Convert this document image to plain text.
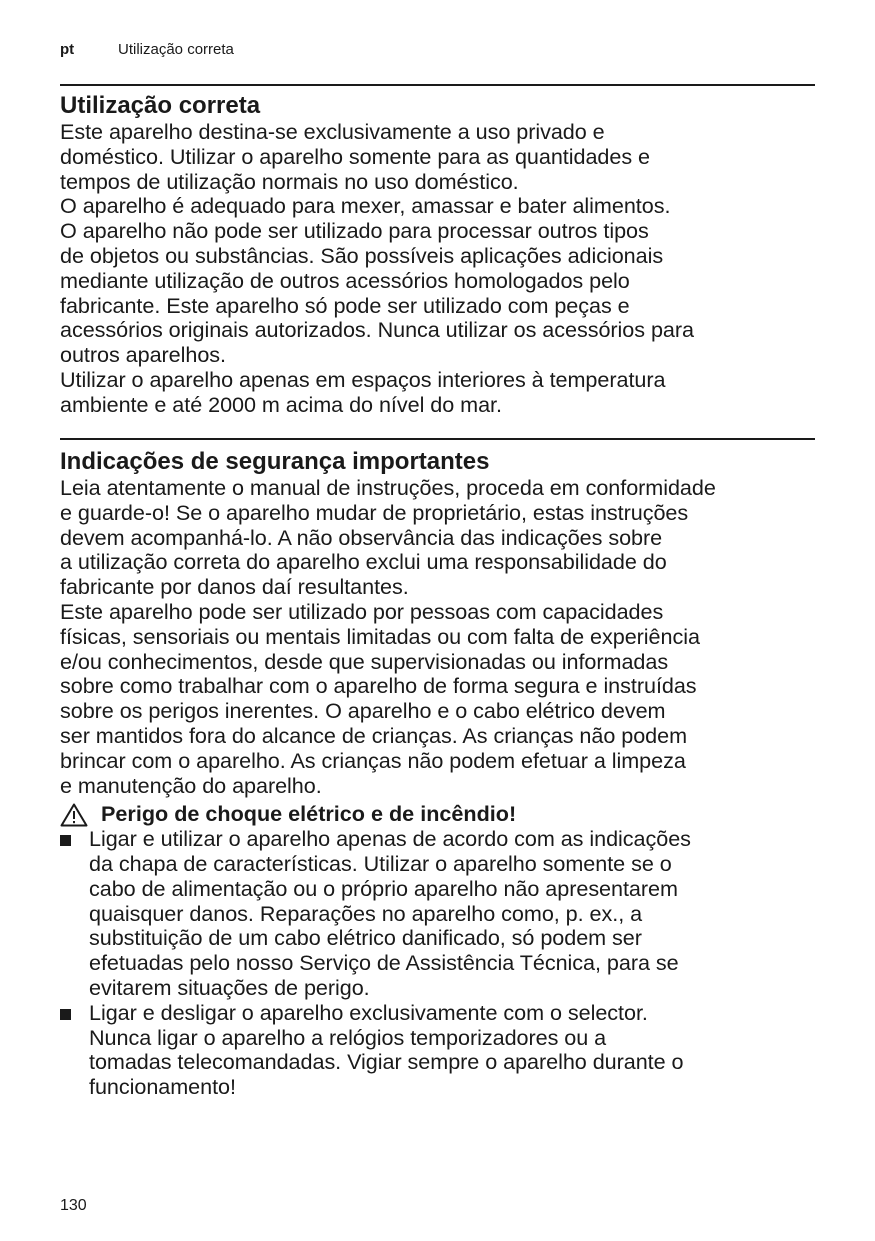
pt	Utilização correta
Utilização correta

Este aparelho destina-se exclusivamente a uso privado e
doméstico. Utilizar o aparelho somente para as quantidades e
tempos de utilização normais no uso doméstico.
O aparelho é adequado para mexer, amassar e bater alimentos.
O aparelho não pode ser utilizado para processar outros tipos
de objetos ou substâncias. São possíveis aplicações adicionais
mediante utilização de outros acessórios homologados pelo
fabricante. Este aparelho só pode ser utilizado com peças e
acessórios originais autorizados. Nunca utilizar os acessórios para
outros aparelhos.
Utilizar o aparelho apenas em espaços interiores à temperatura
ambiente e até 2000 m acima do nível do mar.

Indicações de segurança importantes

Leia atentamente o manual de instruções, proceda em conformidade
e guarde-o! Se o aparelho mudar de proprietário, estas instruções
devem acompanhá-lo. A não observância das indicações sobre
a utilização correta do aparelho exclui uma responsabilidade do
fabricante por danos daí resultantes.
Este aparelho pode ser utilizado por pessoas com capacidades
físicas, sensoriais ou mentais limitadas ou com falta de experiência
e/ou conhecimentos, desde que supervisionadas ou informadas
sobre como trabalhar com o aparelho de forma segura e instruídas
sobre os perigos inerentes. O aparelho e o cabo elétrico devem
ser mantidos fora do alcance de crianças. As crianças não podem
brincar com o aparelho. As crianças não podem efetuar a limpeza
e manutenção do aparelho.

Perigo de choque elétrico e de incêndio!
Ligar e utilizar o aparelho apenas de acordo com as indicações
da chapa de características. Utilizar o aparelho somente se o
cabo de alimentação ou o próprio aparelho não apresentarem
quaisquer danos. Reparações no aparelho como, p. ex., a
substituição de um cabo elétrico danificado, só podem ser
efetuadas pelo nosso Serviço de Assistência Técnica, para se
evitarem situações de perigo.
Ligar e desligar o aparelho exclusivamente com o selector.
Nunca ligar o aparelho a relógios temporizadores ou a
tomadas telecomandadas. Vigiar sempre o aparelho durante o
funcionamento!
130
